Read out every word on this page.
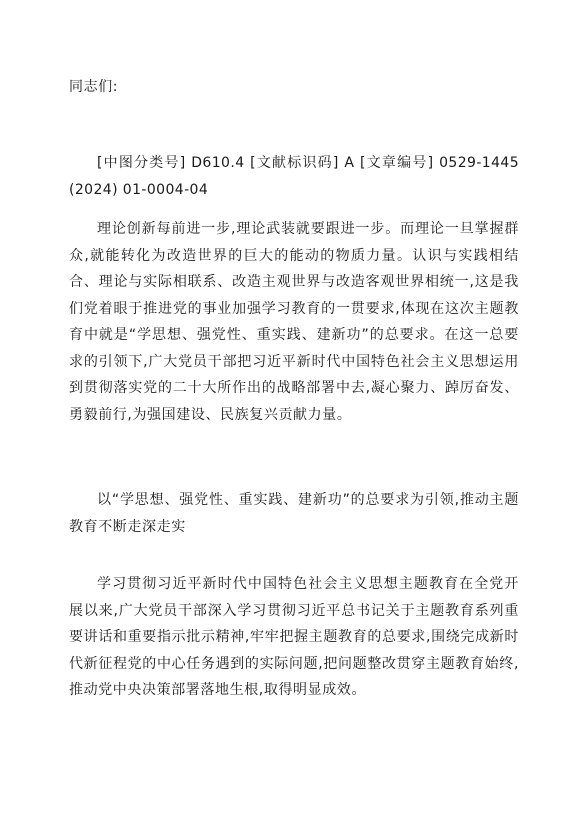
同志们:

[中图分类号] D610.4 [文献标识码] A [文章编号] 0529-1445 (2024) 01-0004-04

理论创新每前进一步,理论武装就要跟进一步。而理论一旦掌握群众,就能转化为改造世界的巨大的能动的物质力量。认识与实践相结合、理论与实际相联系、改造主观世界与改造客观世界相统一,这是我们党着眼于推进党的事业加强学习教育的一贯要求,体现在这次主题教育中就是“学思想、强党性、重实践、建新功”的总要求。在这一总要求的引领下,广大党员干部把习近平新时代中国特色社会主义思想运用到贯彻落实党的二十大所作出的战略部署中去,凝心聚力、踔厉奋发、勇毅前行,为强国建设、民族复兴贡献力量。

以“学思想、强党性、重实践、建新功”的总要求为引领,推动主题教育不断走深走实

学习贯彻习近平新时代中国特色社会主义思想主题教育在全党开展以来,广大党员干部深入学习贯彻习近平总书记关于主题教育系列重要讲话和重要指示批示精神,牢牢把握主题教育的总要求,围绕完成新时代新征程党的中心任务遇到的实际问题,把问题整改贯穿主题教育始终,推动党中央决策部署落地生根,取得明显成效。
